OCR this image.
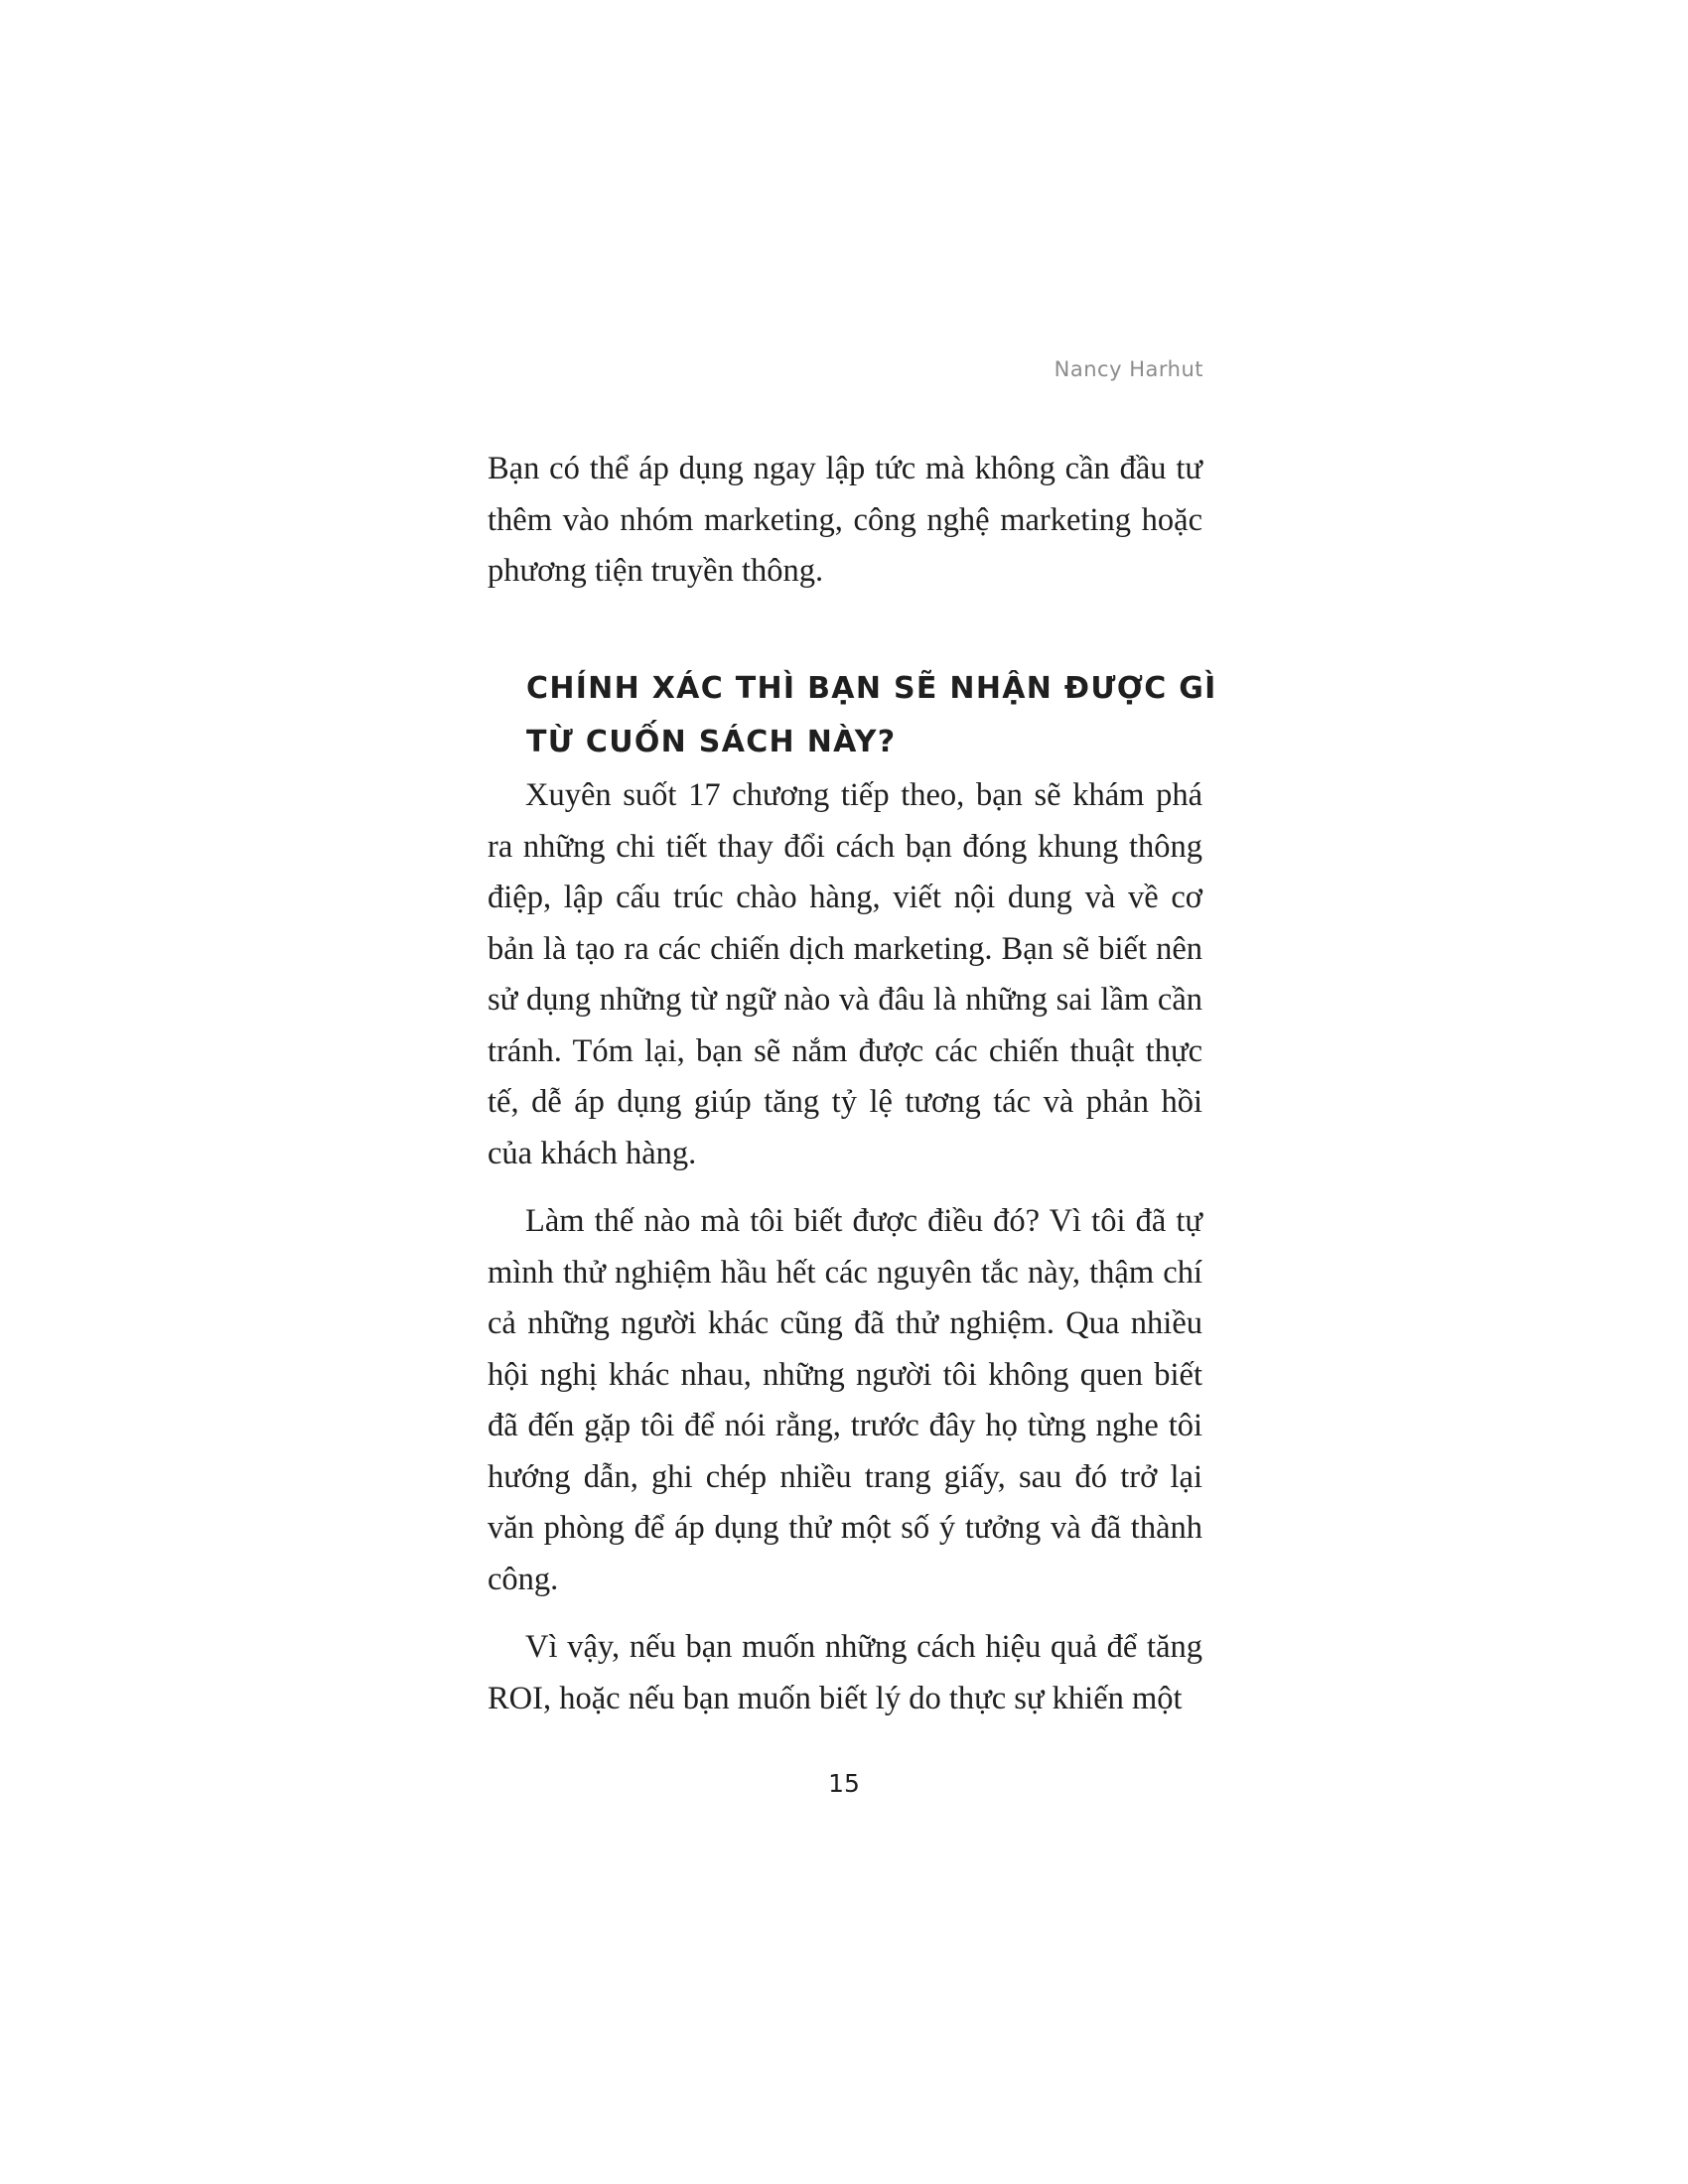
Nancy Harhut

Bạn có thể áp dụng ngay lập tức mà không cần đầu tư thêm vào nhóm marketing, công nghệ marketing hoặc phương tiện truyền thông.

CHÍNH XÁC THÌ BẠN SẼ NHẬN ĐƯỢC GÌ TỪ CUỐN SÁCH NÀY?

Xuyên suốt 17 chương tiếp theo, bạn sẽ khám phá ra những chi tiết thay đổi cách bạn đóng khung thông điệp, lập cấu trúc chào hàng, viết nội dung và về cơ bản là tạo ra các chiến dịch marketing. Bạn sẽ biết nên sử dụng những từ ngữ nào và đâu là những sai lầm cần tránh. Tóm lại, bạn sẽ nắm được các chiến thuật thực tế, dễ áp dụng giúp tăng tỷ lệ tương tác và phản hồi của khách hàng.

Làm thế nào mà tôi biết được điều đó? Vì tôi đã tự mình thử nghiệm hầu hết các nguyên tắc này, thậm chí cả những người khác cũng đã thử nghiệm. Qua nhiều hội nghị khác nhau, những người tôi không quen biết đã đến gặp tôi để nói rằng, trước đây họ từng nghe tôi hướng dẫn, ghi chép nhiều trang giấy, sau đó trở lại văn phòng để áp dụng thử một số ý tưởng và đã thành công.

Vì vậy, nếu bạn muốn những cách hiệu quả để tăng ROI, hoặc nếu bạn muốn biết lý do thực sự khiến một

15
